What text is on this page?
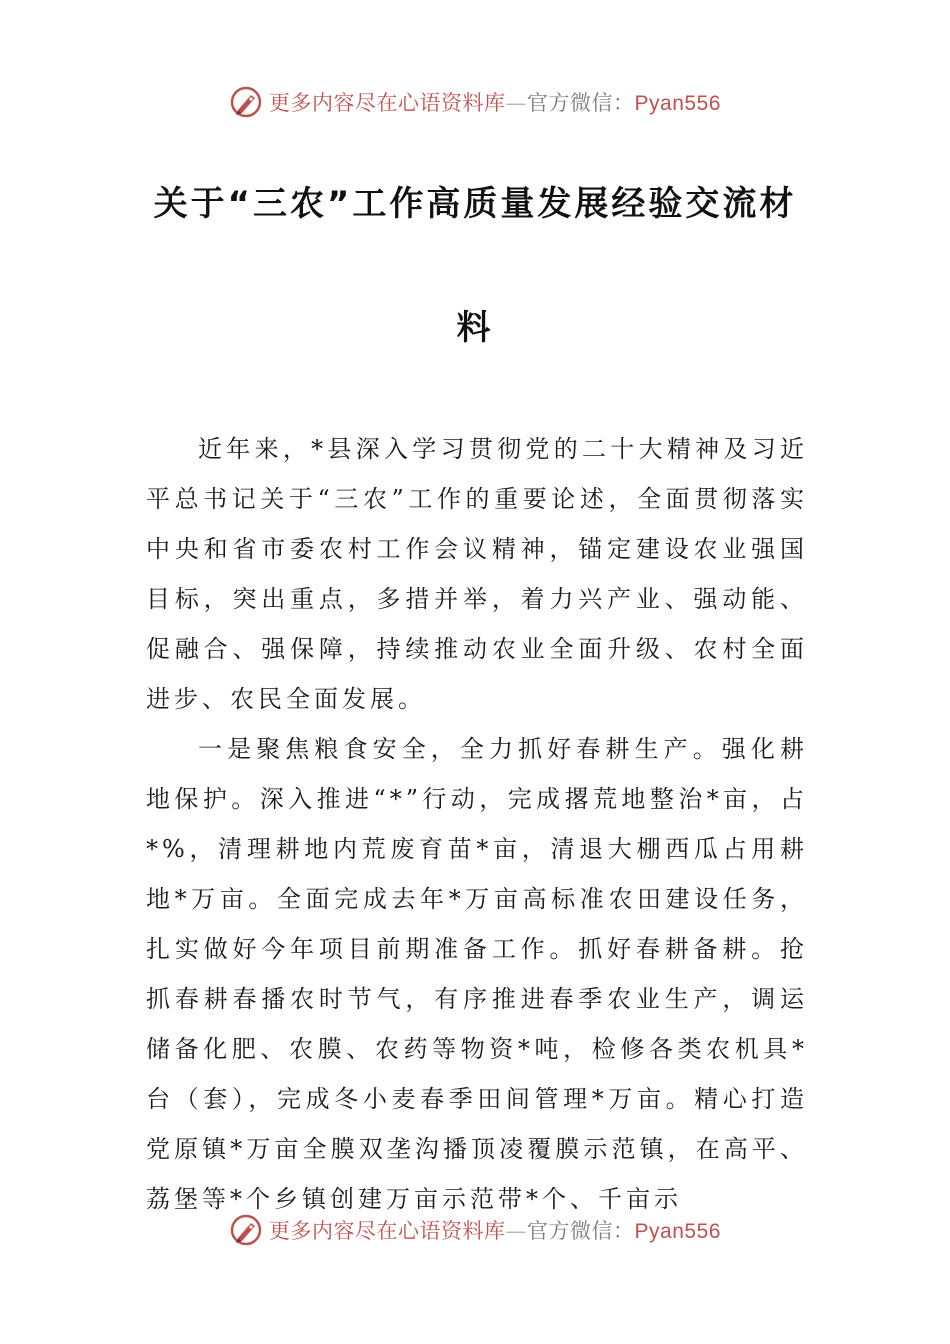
更多内容尽在心语资料库—官方微信：Pyan556
关于“三农”工作高质量发展经验交流材
料

近年来，*县深入学习贯彻党的二十大精神及习近平总书记关于“三农”工作的重要论述，全面贯彻落实中央和省市委农村工作会议精神，锚定建设农业强国目标，突出重点，多措并举，着力兴产业、强动能、促融合、强保障，持续推动农业全面升级、农村全面进步、农民全面发展。

一是聚焦粮食安全，全力抓好春耕生产。强化耕地保护。深入推进“*”行动，完成撂荒地整治*亩，占*%，清理耕地内荒废育苗*亩，清退大棚西瓜占用耕地*万亩。全面完成去年*万亩高标准农田建设任务，扎实做好今年项目前期准备工作。抓好春耕备耕。抢抓春耕春播农时节气，有序推进春季农业生产，调运储备化肥、农膜、农药等物资*吨，检修各类农机具*台（套），完成冬小麦春季田间管理*万亩。精心打造党原镇*万亩全膜双垄沟播顶凌覆膜示范镇，在高平、荔堡等*个乡镇创建万亩示范带*个、千亩示

更多内容尽在心语资料库—官方微信：Pyan556
